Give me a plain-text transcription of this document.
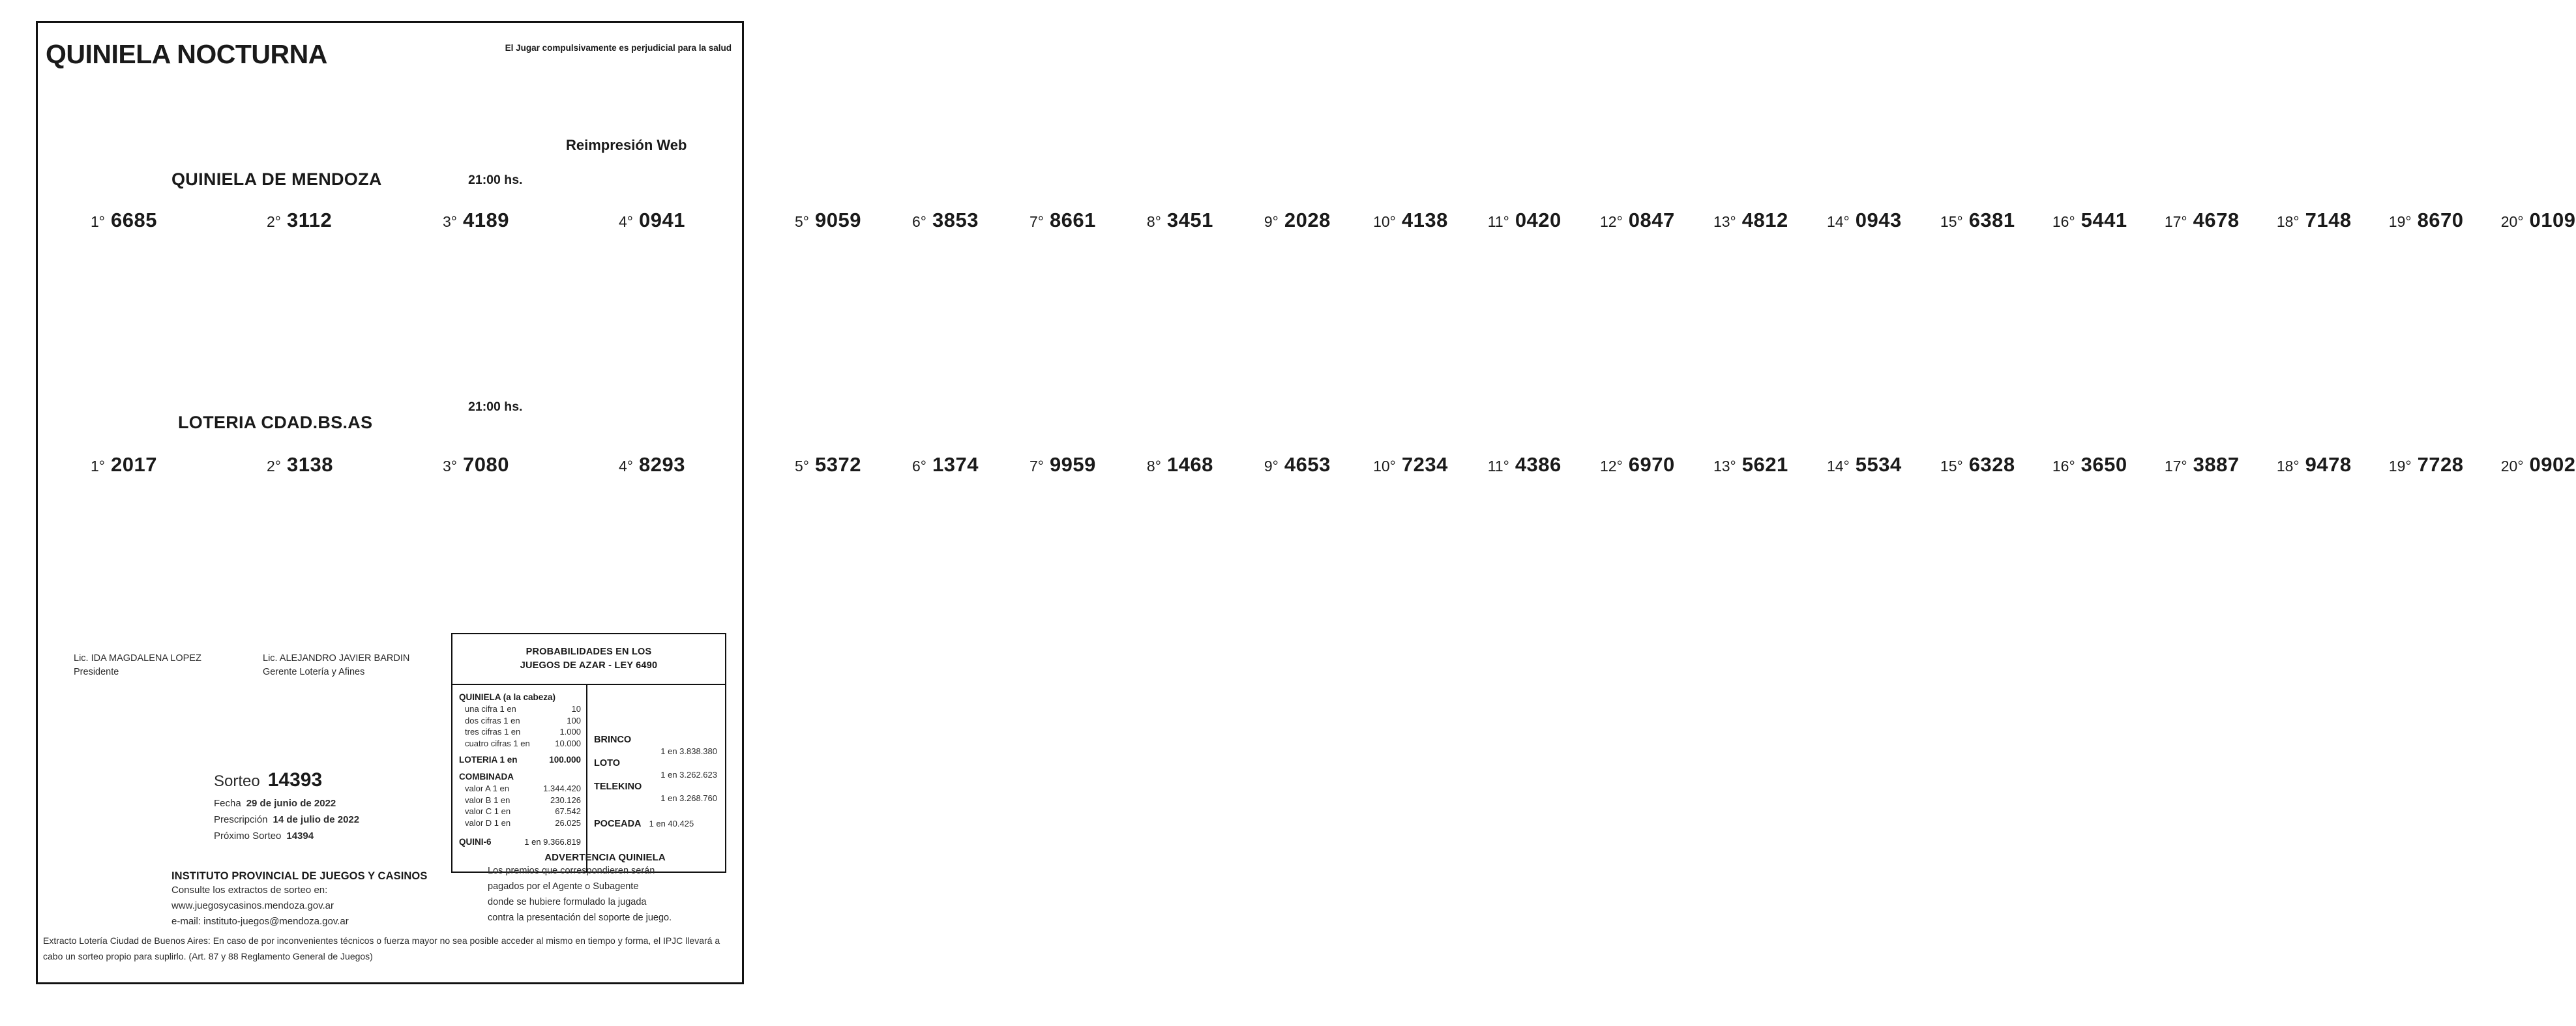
QUINIELA NOCTURNA	El Jugar compulsivamente es perjudicial para la salud
Reimpresión Web
QUINIELA DE MENDOZA	21:00 hs.
1° 6685	2° 3112	3° 4189	4° 0941	5° 9059	6° 3853	7° 8661	8° 3451	9° 2028	10° 4138	11° 0420	12° 0847	13° 4812	14° 0943	15° 6381	16° 5441	17° 4678	18° 7148	19° 8670	20° 0109
LOTERIA CDAD.BS.AS
21:00 hs.
1° 2017	2° 3138	3° 7080	4° 8293	5° 5372	6° 1374	7° 9959	8° 1468	9° 4653	10° 7234	11° 4386	12° 6970	13° 5621	14° 5534	15° 6328	16° 3650	17° 3887	18° 9478	19° 7728	20° 0902
Lic. IDA MAGDALENA LOPEZ
Presidente
Lic. ALEJANDRO JAVIER BARDIN
Gerente Lotería y Afines
PROBABILIDADES EN LOS
JUEGOS DE AZAR - LEY 6490
QUINIELA (a la cabeza)
una cifra 1 en	10
dos cifras 1 en	100
tres cifras 1 en	1.000
cuatro cifras 1 en	10.000
LOTERIA 1 en	100.000
COMBINADA
valor A 1 en	1.344.420
valor B 1 en	230.126
valor C 1 en	67.542
valor D 1 en	26.025
QUINI-6	1 en 9.366.819
BRINCO
1 en 3.838.380
LOTO
1 en 3.262.623
TELEKINO
1 en 3.268.760
POCEADA 1 en 40.425
Sorteo 14393
Fecha 29 de junio de 2022
Prescripción 14 de julio de 2022
Próximo Sorteo 14394
INSTITUTO PROVINCIAL DE JUEGOS Y CASINOS
Consulte los extractos de sorteo en:
www.juegosycasinos.mendoza.gov.ar
e-mail: instituto-juegos@mendoza.gov.ar
ADVERTENCIA QUINIELA
Los premios que correspondieren serán
pagados por el Agente o Subagente
donde se hubiere formulado la jugada
contra la presentación del soporte de juego.
Extracto Lotería Ciudad de Buenos Aires: En caso de por inconvenientes técnicos o fuerza mayor no sea posible acceder al mismo en tiempo y forma, el IPJC llevará a cabo un sorteo propio para suplirlo. (Art. 87 y 88 Reglamento General de Juegos)
